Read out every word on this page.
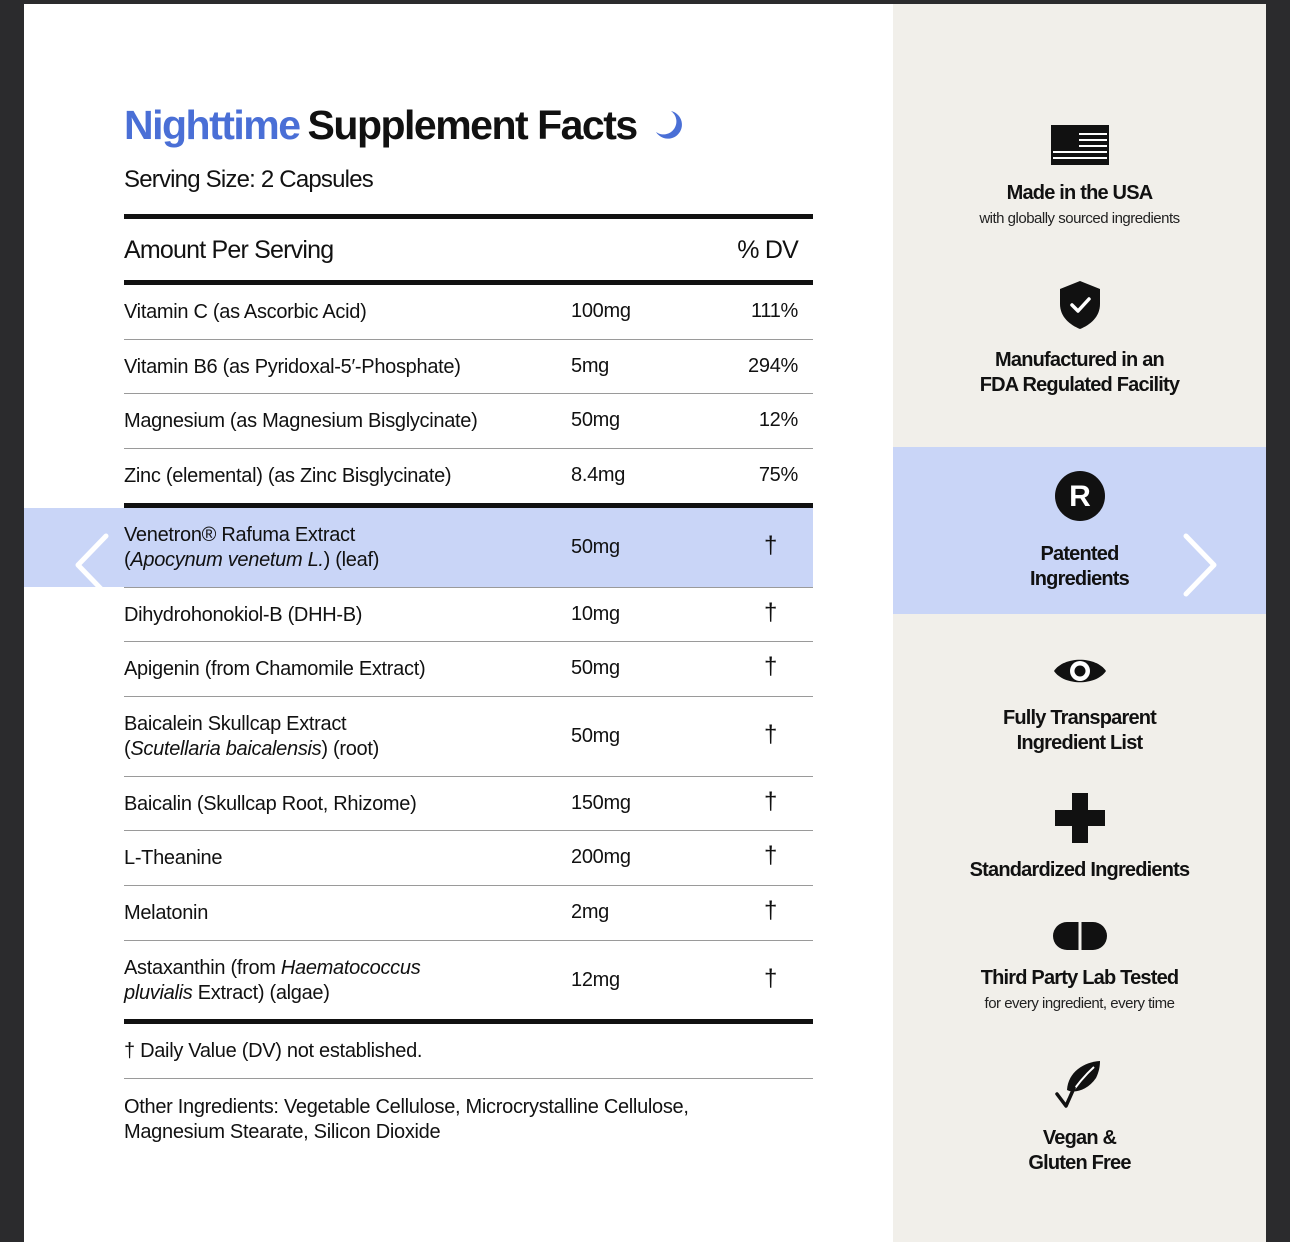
Nighttime Supplement Facts
Serving Size: 2 Capsules
Amount Per Serving	% DV
Vitamin C (as Ascorbic Acid)	100mg	111%
Vitamin B6 (as Pyridoxal-5′-Phosphate)	5mg	294%
Magnesium (as Magnesium Bisglycinate)	50mg	12%
Zinc (elemental) (as Zinc Bisglycinate)	8.4mg	75%
Venetron® Rafuma Extract
(Apocynum venetum L.) (leaf)
50mg	†
Dihydrohonokiol-B (DHH-B)	10mg	†
Apigenin (from Chamomile Extract)	50mg	†
Baicalein Skullcap Extract
(Scutellaria baicalensis) (root)
50mg	†
Baicalin (Skullcap Root, Rhizome)	150mg	†
L-Theanine	200mg	†
Melatonin	2mg	†
Astaxanthin (from Haematococcus
pluvialis Extract) (algae)
12mg	†
† Daily Value (DV) not established.
Other Ingredients: Vegetable Cellulose, Microcrystalline Cellulose,
Magnesium Stearate, Silicon Dioxide
Made in the USA
with globally sourced ingredients
Manufactured in an
FDA Regulated Facility
R
Patented
Ingredients
Fully Transparent
Ingredient List
Standardized Ingredients
Third Party Lab Tested
for every ingredient, every time
Vegan &
Gluten Free
